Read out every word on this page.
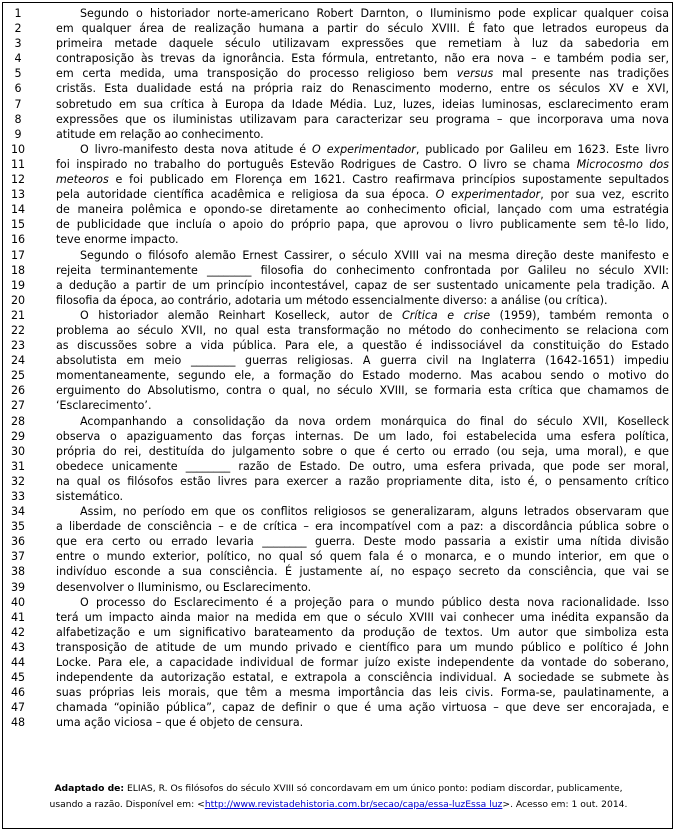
1	Segundo o historiador norte-americano Robert Darnton, o Iluminismo pode explicar qualquer coisa
2	em qualquer área de realização humana a partir do século XVIII. É fato que letrados europeus da
3	primeira metade daquele século utilizavam expressões que remetiam à luz da sabedoria em
4	contraposição às trevas da ignorância. Esta fórmula, entretanto, não era nova – e também podia ser,
5	em certa medida, uma transposição do processo religioso bem versus mal presente nas tradições
6	cristãs. Esta dualidade está na própria raiz do Renascimento moderno, entre os séculos XV e XVI,
7	sobretudo em sua crítica à Europa da Idade Média. Luz, luzes, ideias luminosas, esclarecimento eram
8	expressões que os iluministas utilizavam para caracterizar seu programa – que incorporava uma nova
9	atitude em relação ao conhecimento.
10	O livro-manifesto desta nova atitude é O experimentador, publicado por Galileu em 1623. Este livro
11	foi inspirado no trabalho do português Estevão Rodrigues de Castro. O livro se chama Microcosmo dos
12	meteoros e foi publicado em Florença em 1621. Castro reafirmava princípios supostamente sepultados
13	pela autoridade científica acadêmica e religiosa da sua época. O experimentador, por sua vez, escrito
14	de maneira polêmica e opondo-se diretamente ao conhecimento oficial, lançado com uma estratégia
15	de publicidade que incluía o apoio do próprio papa, que aprovou o livro publicamente sem tê-lo lido,
16	teve enorme impacto.
17	Segundo o filósofo alemão Ernest Cassirer, o século XVIII vai na mesma direção deste manifesto e
18	rejeita terminantemente ________ filosofia do conhecimento confrontada por Galileu no século XVII:
19	a dedução a partir de um princípio incontestável, capaz de ser sustentado unicamente pela tradição. A
20	filosofia da época, ao contrário, adotaria um método essencialmente diverso: a análise (ou crítica).
21	O historiador alemão Reinhart Koselleck, autor de Crítica e crise (1959), também remonta o
22	problema ao século XVII, no qual esta transformação no método do conhecimento se relaciona com
23	as discussões sobre a vida pública. Para ele, a questão é indissociável da constituição do Estado
24	absolutista em meio ________ guerras religiosas. A guerra civil na Inglaterra (1642-1651) impediu
25	momentaneamente, segundo ele, a formação do Estado moderno. Mas acabou sendo o motivo do
26	erguimento do Absolutismo, contra o qual, no século XVIII, se formaria esta crítica que chamamos de
27	‘Esclarecimento’.
28	Acompanhando a consolidação da nova ordem monárquica do final do século XVII, Koselleck
29	observa o apaziguamento das forças internas. De um lado, foi estabelecida uma esfera política,
30	própria do rei, destituída do julgamento sobre o que é certo ou errado (ou seja, uma moral), e que
31	obedece unicamente ________ razão de Estado. De outro, uma esfera privada, que pode ser moral,
32	na qual os filósofos estão livres para exercer a razão propriamente dita, isto é, o pensamento crítico
33	sistemático.
34	Assim, no período em que os conflitos religiosos se generalizaram, alguns letrados observaram que
35	a liberdade de consciência – e de crítica – era incompatível com a paz: a discordância pública sobre o
36	que era certo ou errado levaria ________ guerra. Deste modo passaria a existir uma nítida divisão
37	entre o mundo exterior, político, no qual só quem fala é o monarca, e o mundo interior, em que o
38	indivíduo esconde a sua consciência. É justamente aí, no espaço secreto da consciência, que vai se
39	desenvolver o Iluminismo, ou Esclarecimento.
40	O processo do Esclarecimento é a projeção para o mundo público desta nova racionalidade. Isso
41	terá um impacto ainda maior na medida em que o século XVIII vai conhecer uma inédita expansão da
42	alfabetização e um significativo barateamento da produção de textos. Um autor que simboliza esta
43	transposição de atitude de um mundo privado e científico para um mundo público e político é John
44	Locke. Para ele, a capacidade individual de formar juízo existe independente da vontade do soberano,
45	independente da autorização estatal, e extrapola a consciência individual. A sociedade se submete às
46	suas próprias leis morais, que têm a mesma importância das leis civis. Forma-se, paulatinamente, a
47	chamada “opinião pública”, capaz de definir o que é uma ação virtuosa – que deve ser encorajada, e
48	uma ação viciosa – que é objeto de censura.
Adaptado de: ELIAS, R. Os filósofos do século XVIII só concordavam em um único ponto: podiam discordar, publicamente,
usando a razão. Disponível em: <http://www.revistadehistoria.com.br/secao/capa/essa-luzEssa luz>. Acesso em: 1 out. 2014.
